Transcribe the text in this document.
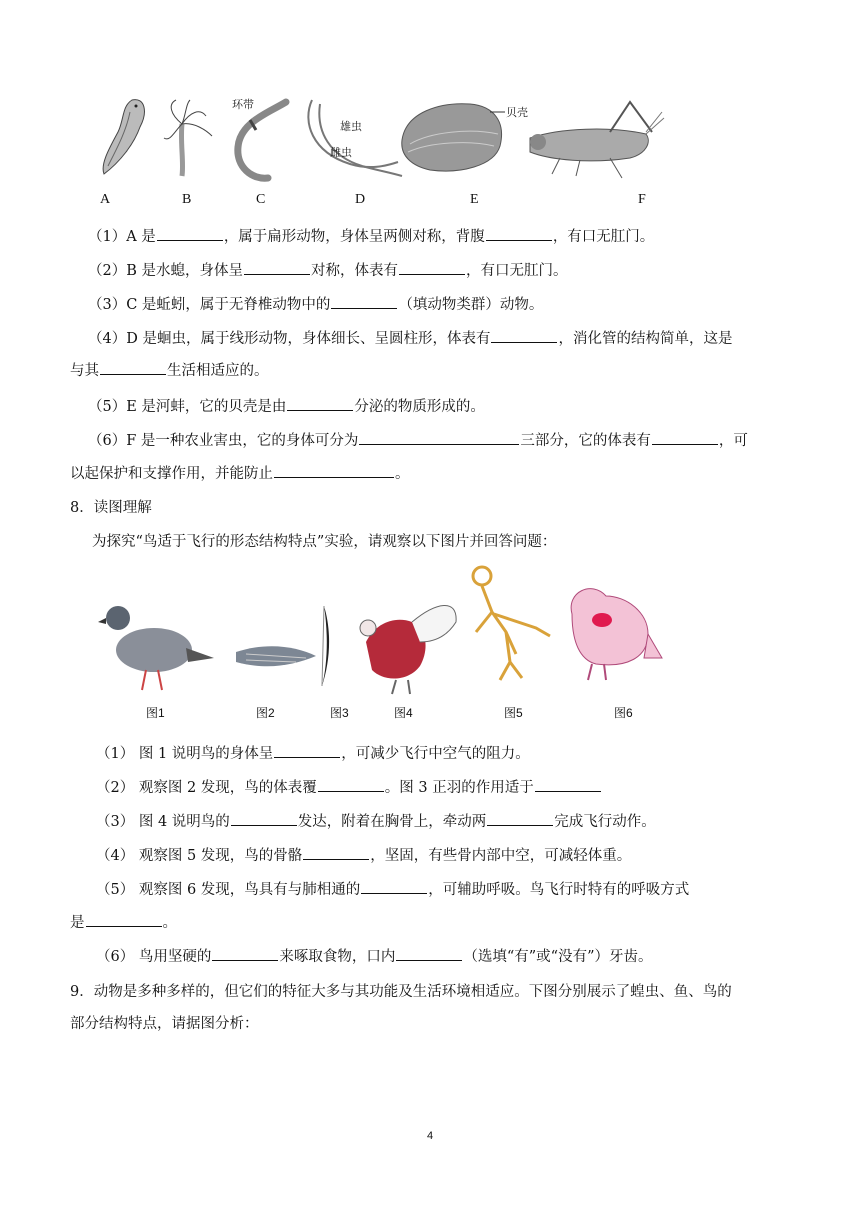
环带
雄虫
雌虫
贝壳
A	B	C	D	E	F
（1）A 是	，属于扁形动物，身体呈两侧对称，背腹	，有口无肛门。
（2）B 是水螅，身体呈	对称，体表有	，有口无肛门。
（3）C 是蚯蚓，属于无脊椎动物中的	（填动物类群）动物。
（4）D 是蛔虫，属于线形动物，身体细长、呈圆柱形，体表有	，消化管的结构简单，这是
与其	生活相适应的。
（5）E 是河蚌，它的贝壳是由	分泌的物质形成的。
（6）F 是一种农业害虫，它的身体可分为	三部分，它的体表有	，可
以起保护和支撑作用，并能防止	。
8．读图理解
为探究“鸟适于飞行的形态结构特点”实验，请观察以下图片并回答问题：
图1	图2	图3	图4	图5	图6
（1） 图 1 说明鸟的身体呈	，可减少飞行中空气的阻力。
（2） 观察图 2 发现，鸟的体表覆	。图 3 正羽的作用适于
（3） 图 4 说明鸟的	发达，附着在胸骨上，牵动两	完成飞行动作。
（4） 观察图 5 发现，鸟的骨骼	，坚固，有些骨内部中空，可减轻体重。
（5） 观察图 6 发现，鸟具有与肺相通的	，可辅助呼吸。鸟飞行时特有的呼吸方式
是	。
（6） 鸟用坚硬的	来啄取食物，口内	（选填“有”或“没有”）牙齿。
9．动物是多种多样的，但它们的特征大多与其功能及生活环境相适应。下图分别展示了蝗虫、鱼、鸟的
部分结构特点，请据图分析：
4
